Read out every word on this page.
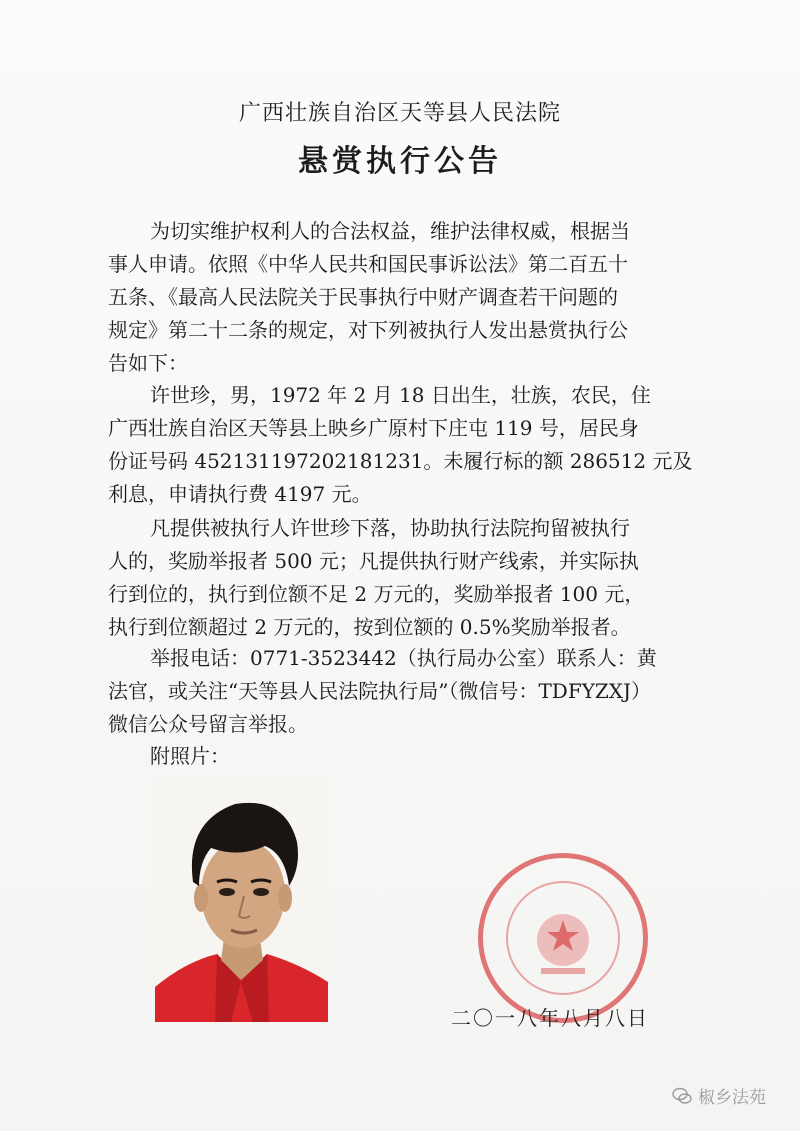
广西壮族自治区天等县人民法院
悬赏执行公告
为切实维护权利人的合法权益，维护法律权威，根据当
事人申请。依照《中华人民共和国民事诉讼法》第二百五十
五条、《最高人民法院关于民事执行中财产调查若干问题的
规定》第二十二条的规定，对下列被执行人发出悬赏执行公
告如下：
许世珍，男，1972 年 2 月 18 日出生，壮族，农民，住
广西壮族自治区天等县上映乡广原村下庄屯 119 号，居民身
份证号码 452131197202181231。未履行标的额 286512 元及
利息，申请执行费 4197 元。
凡提供被执行人许世珍下落，协助执行法院拘留被执行
人的，奖励举报者 500 元；凡提供执行财产线索，并实际执
行到位的，执行到位额不足 2 万元的，奖励举报者 100 元，
执行到位额超过 2 万元的，按到位额的 0.5%奖励举报者。
举报电话：0771-3523442（执行局办公室）联系人：黄
法官，或关注“天等县人民法院执行局”（微信号：TDFYZXJ）
微信公众号留言举报。
附照片：
二〇一八年八月八日
椒乡法苑
